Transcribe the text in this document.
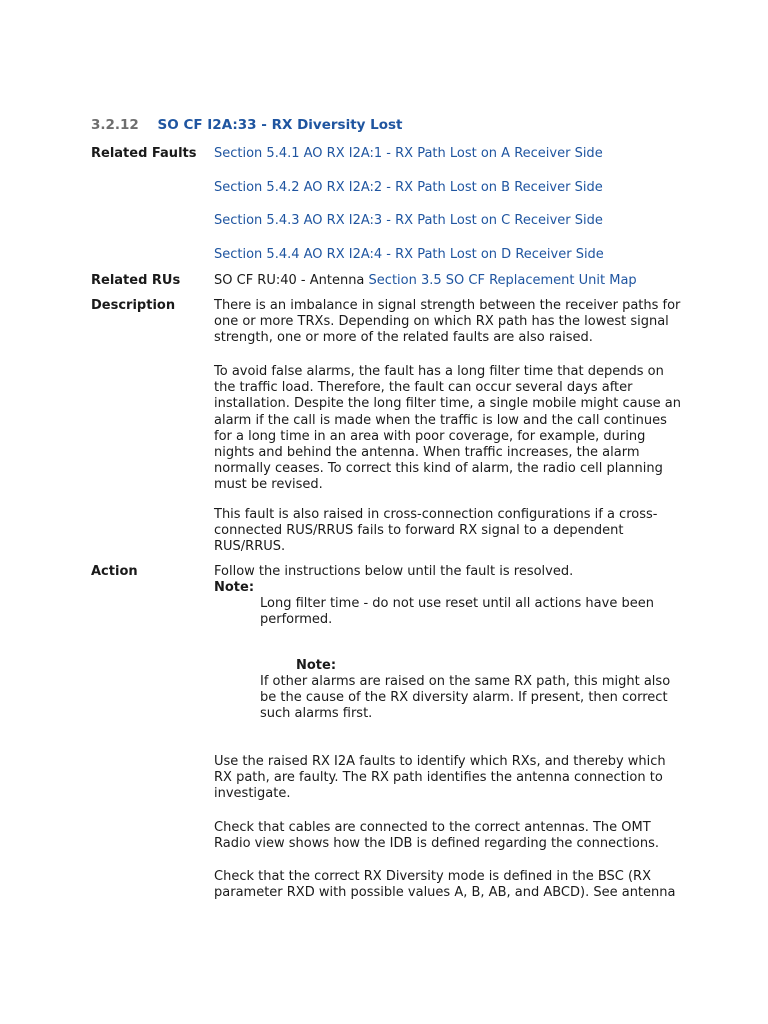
3.2.12 SO CF I2A:33 - RX Diversity Lost
Related Faults Section 5.4.1 AO RX I2A:1 - RX Path Lost on A Receiver Side
Section 5.4.2 AO RX I2A:2 - RX Path Lost on B Receiver Side
Section 5.4.3 AO RX I2A:3 - RX Path Lost on C Receiver Side
Section 5.4.4 AO RX I2A:4 - RX Path Lost on D Receiver Side
Related RUs	SO CF RU:40 - Antenna Section 3.5 SO CF Replacement Unit Map
Description	There is an imbalance in signal strength between the receiver paths for one or more TRXs. Depending on which RX path has the lowest signal strength, one or more of the related faults are also raised.

To avoid false alarms, the fault has a long filter time that depends on the traffic load. Therefore, the fault can occur several days after installation. Despite the long filter time, a single mobile might cause an alarm if the call is made when the traffic is low and the call continues for a long time in an area with poor coverage, for example, during nights and behind the antenna. When traffic increases, the alarm normally ceases. To correct this kind of alarm, the radio cell planning must be revised.

This fault is also raised in cross-connection configurations if a cross-connected RUS/RRUS fails to forward RX signal to a dependent RUS/RRUS.

Action	Follow the instructions below until the fault is resolved.

Note:
Long filter time - do not use reset until all actions have been performed.
Note:
If other alarms are raised on the same RX path, this might also be the cause of the RX diversity alarm. If present, then correct such alarms first.

Use the raised RX I2A faults to identify which RXs, and thereby which RX path, are faulty. The RX path identifies the antenna connection to investigate.

Check that cables are connected to the correct antennas. The OMT Radio view shows how the IDB is defined regarding the connections.

Check that the correct RX Diversity mode is defined in the BSC (RX parameter RXD with possible values A, B, AB, and ABCD). See antenna
